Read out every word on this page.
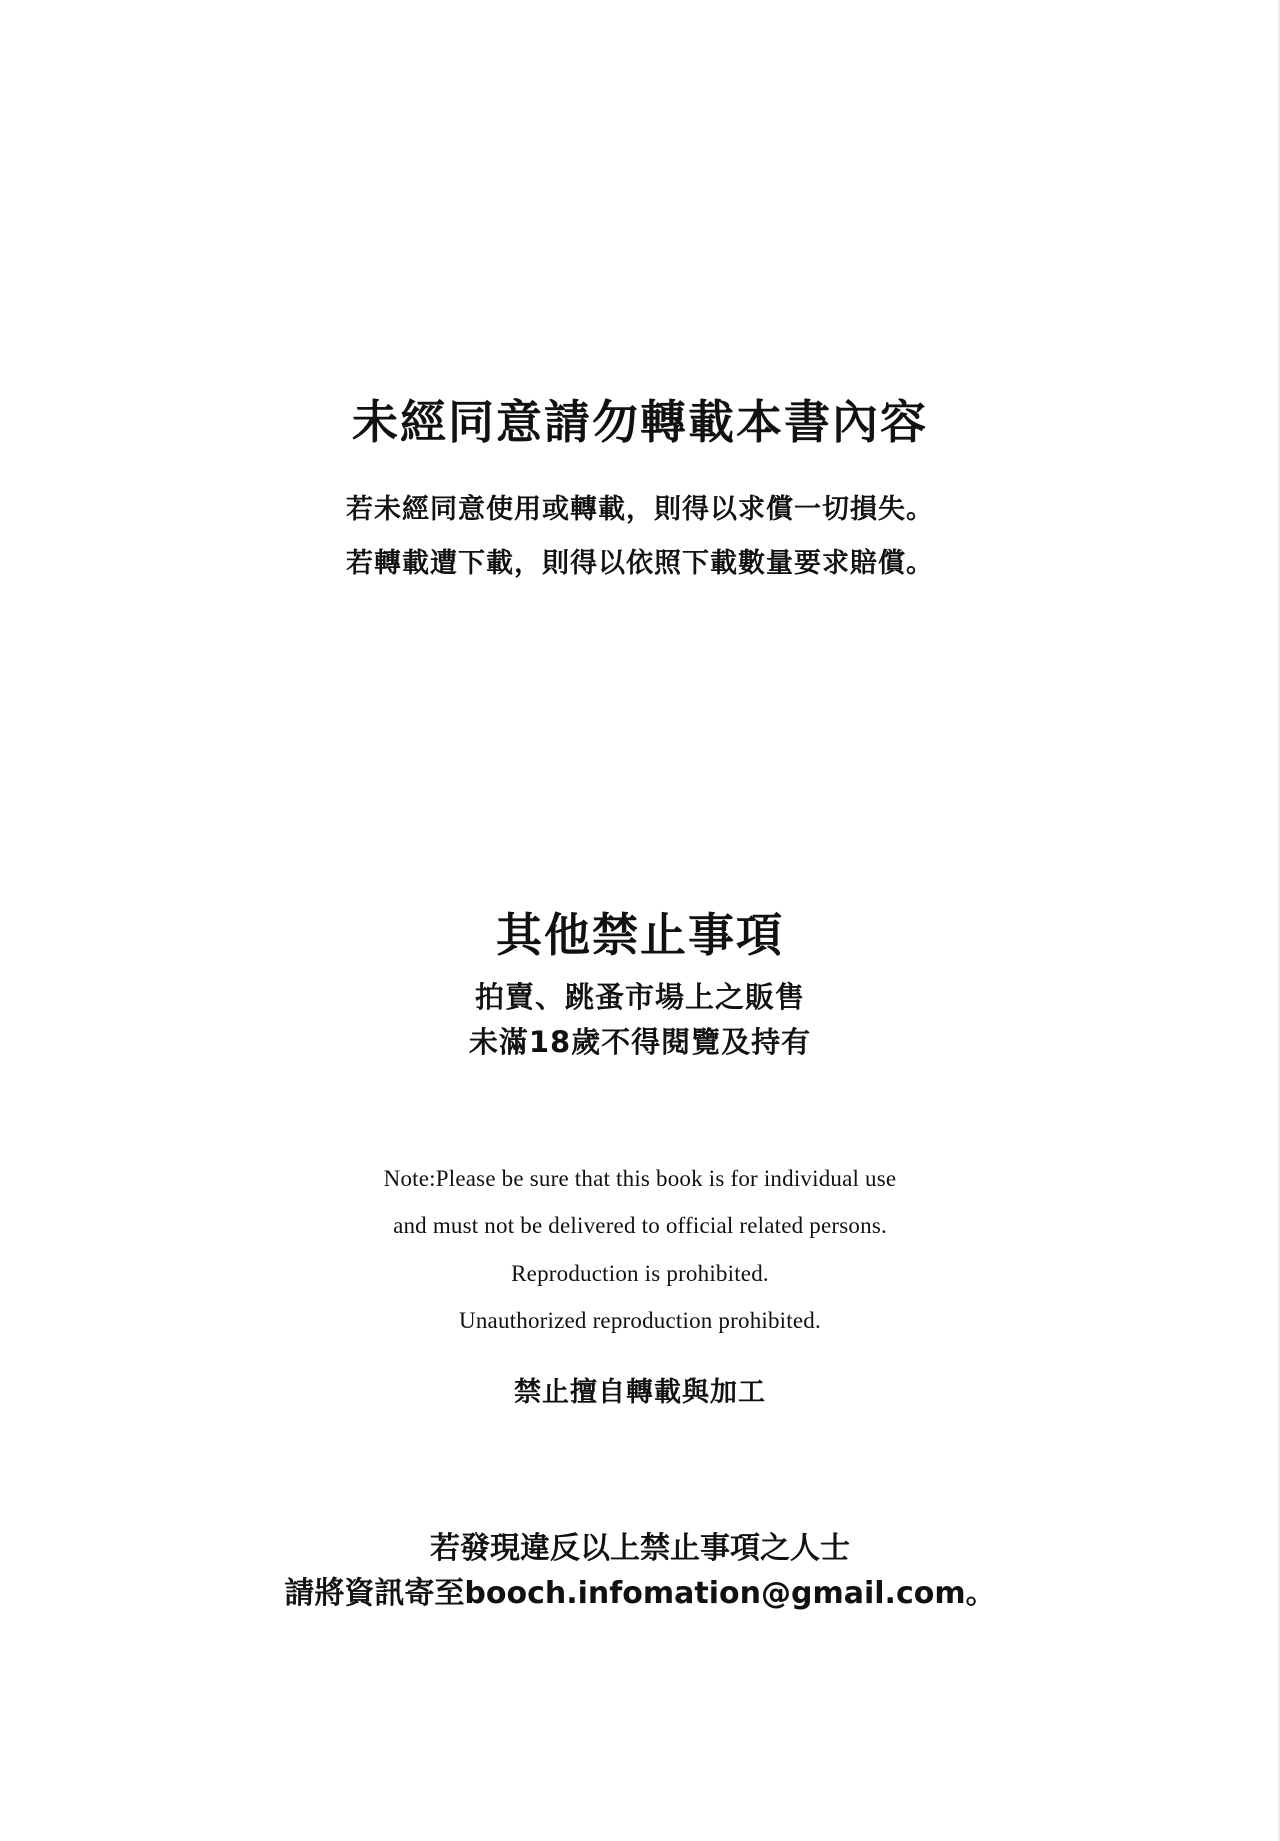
未經同意請勿轉載本書內容
若未經同意使用或轉載，則得以求償一切損失。
若轉載遭下載，則得以依照下載數量要求賠償。
其他禁止事項
拍賣、跳蚤市場上之販售
未滿18歲不得閱覽及持有
Note:Please be sure that this book is for individual use
and must not be delivered to official related persons.
Reproduction is prohibited.
Unauthorized reproduction prohibited.
禁止擅自轉載與加工
若發現違反以上禁止事項之人士
請將資訊寄至booch.infomation@gmail.com。
